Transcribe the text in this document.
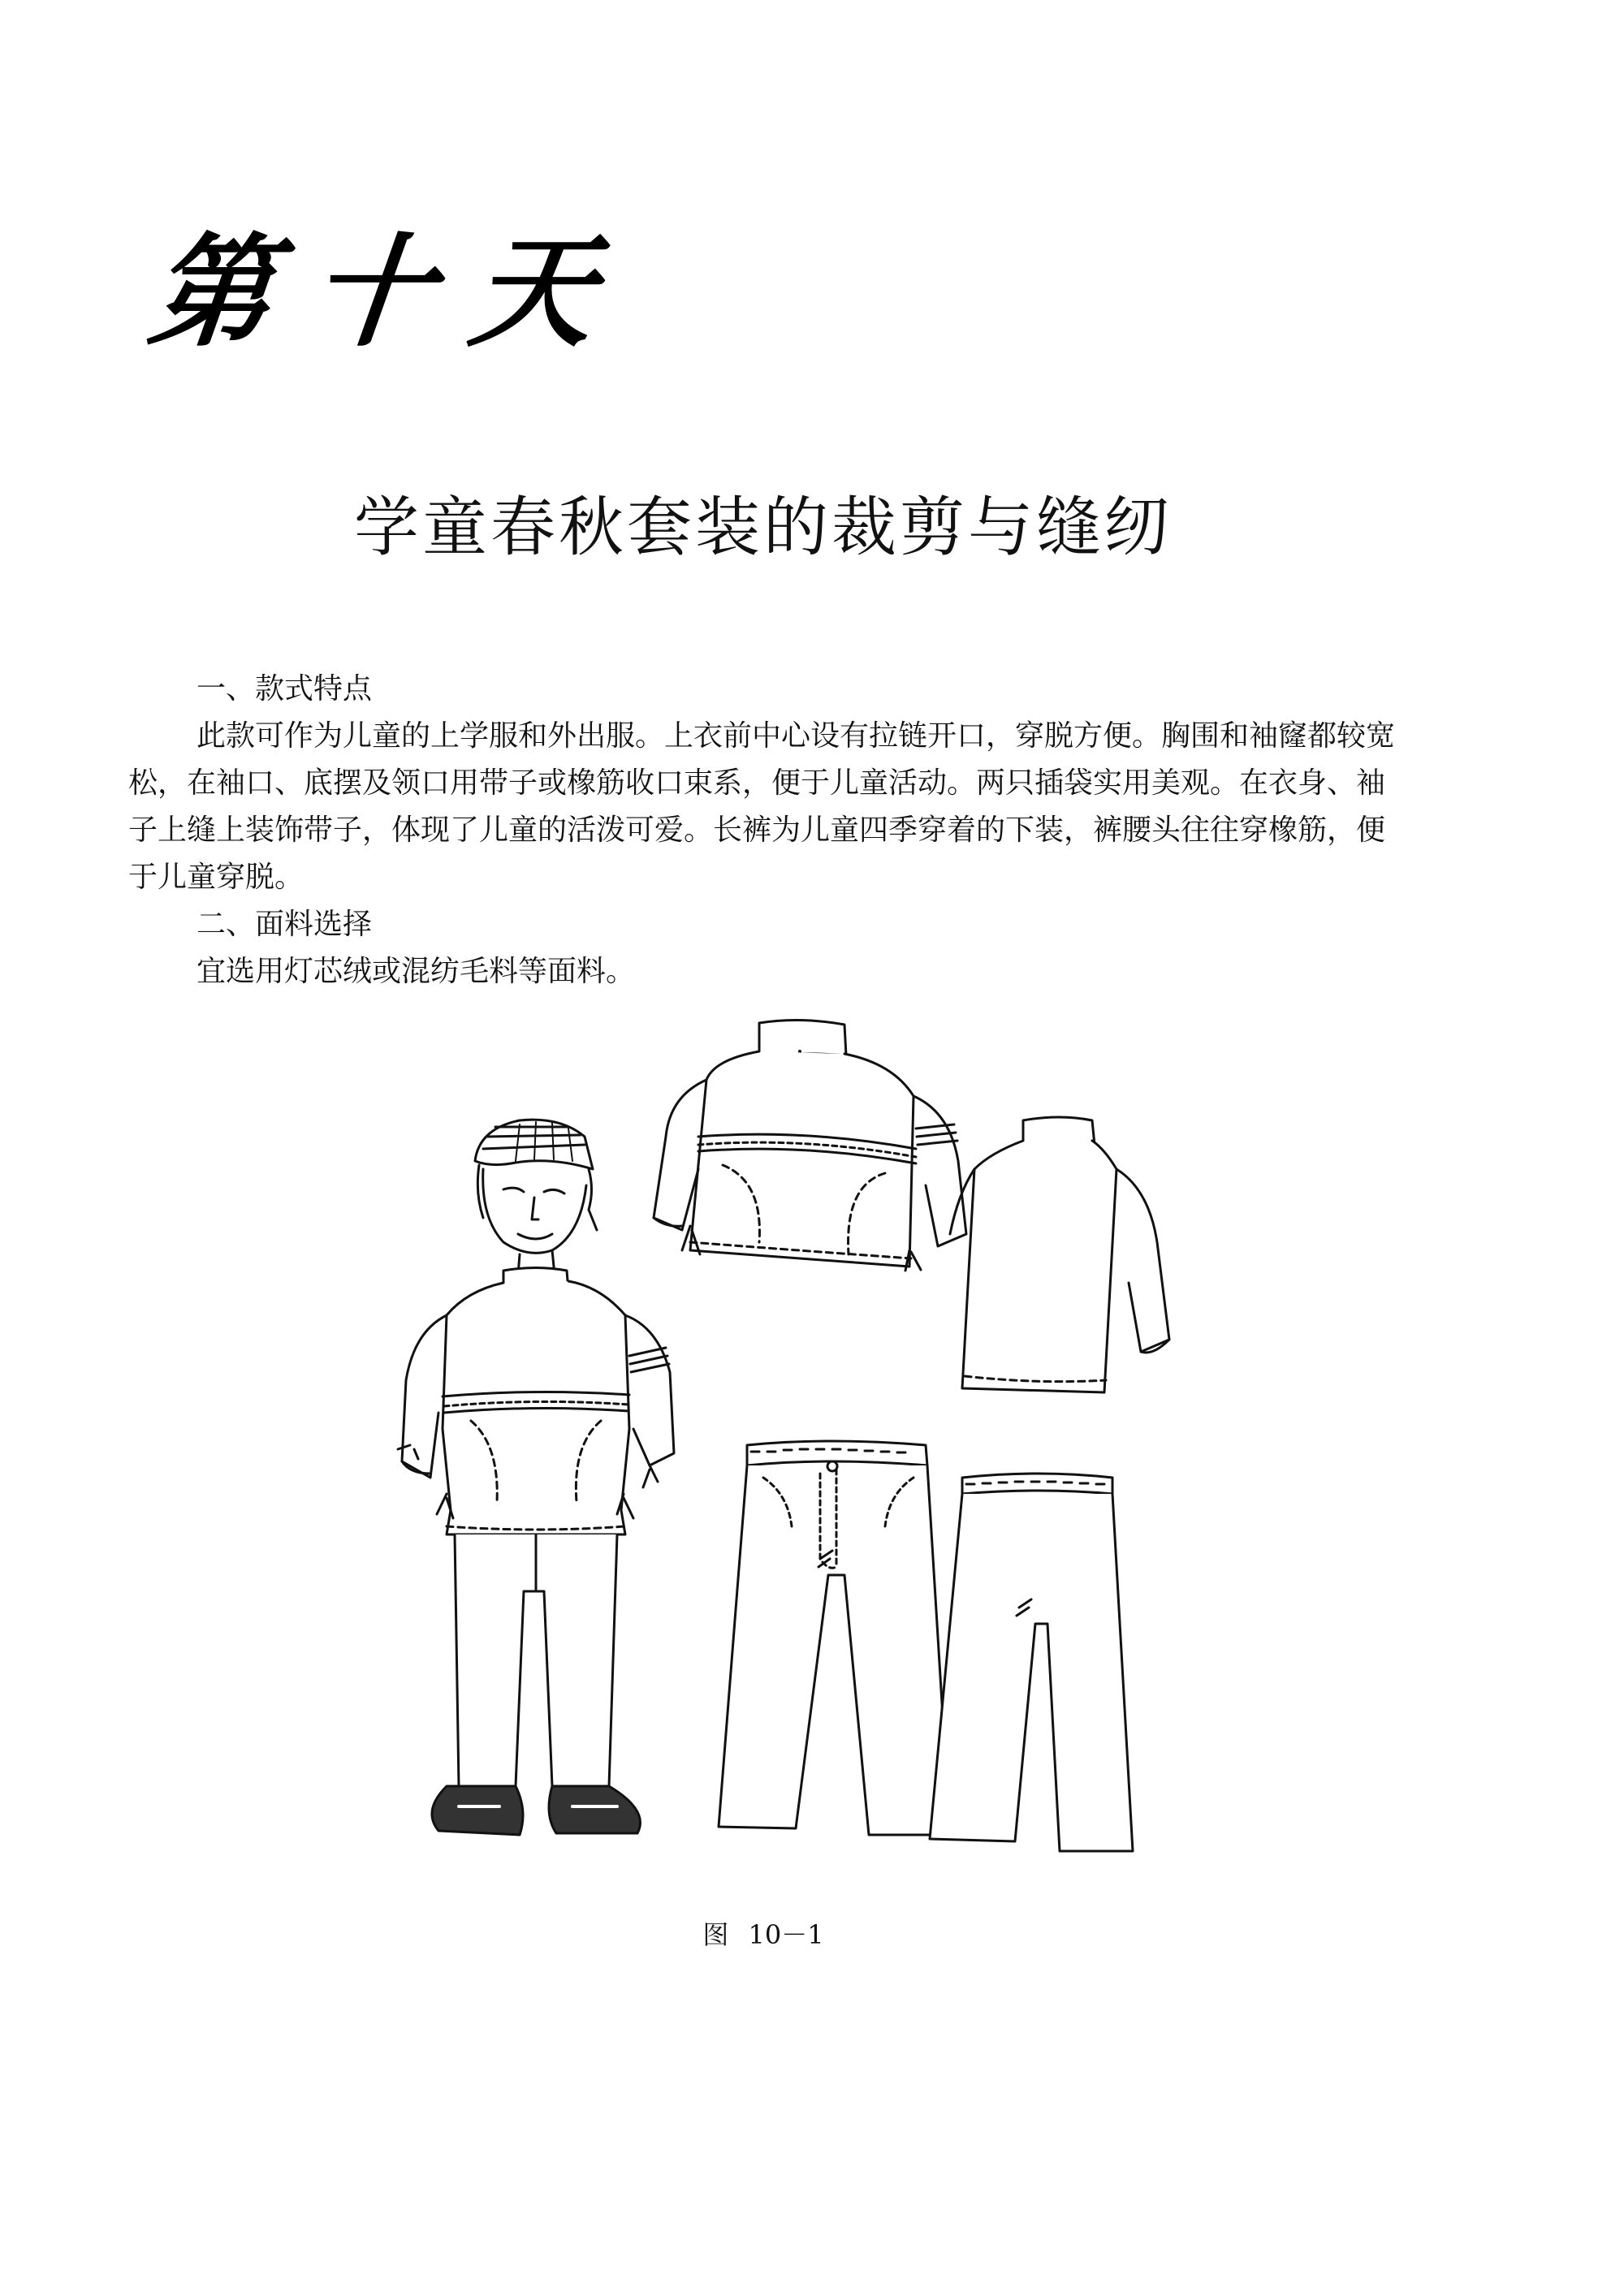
第十天
学童春秋套装的裁剪与缝纫

一、款式特点

此款可作为儿童的上学服和外出服。上衣前中心设有拉链开口，穿脱方便。胸围和袖窿都较宽松，在袖口、底摆及领口用带子或橡筋收口束系，便于儿童活动。两只插袋实用美观。在衣身、袖子上缝上装饰带子，体现了儿童的活泼可爱。长裤为儿童四季穿着的下装，裤腰头往往穿橡筋，便于儿童穿脱。

二、面料选择

宜选用灯芯绒或混纺毛料等面料。

图 10－1
